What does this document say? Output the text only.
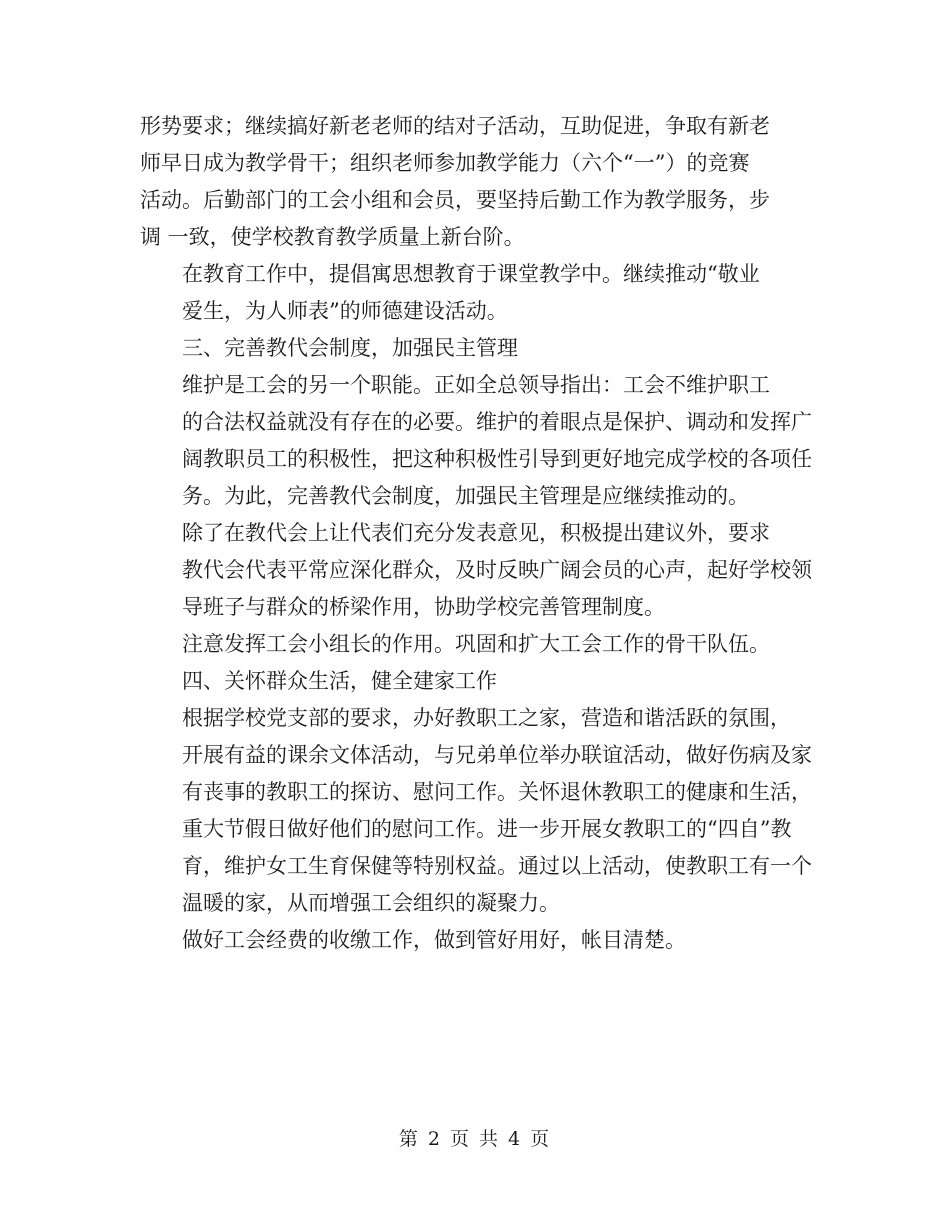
形势要求；继续搞好新老老师的结对子活动，互助促进，争取有新老
师早日成为教学骨干；组织老师参加教学能力（六个“一”）的竞赛
活动。后勤部门的工会小组和会员，要坚持后勤工作为教学服务，步
调 一致，使学校教育教学质量上新台阶。

在教育工作中，提倡寓思想教育于课堂教学中。继续推动“敬业
爱生，为人师表”的师德建设活动。

三、完善教代会制度，加强民主管理

维护是工会的另一个职能。正如全总领导指出：工会不维护职工
的合法权益就没有存在的必要。维护的着眼点是保护、调动和发挥广
阔教职员工的积极性，把这种积极性引导到更好地完成学校的各项任
务。为此，完善教代会制度，加强民主管理是应继续推动的。

除了在教代会上让代表们充分发表意见，积极提出建议外，要求
教代会代表平常应深化群众，及时反映广阔会员的心声，起好学校领
导班子与群众的桥梁作用，协助学校完善管理制度。

注意发挥工会小组长的作用。巩固和扩大工会工作的骨干队伍。

四、关怀群众生活，健全建家工作

根据学校党支部的要求，办好教职工之家，营造和谐活跃的氛围，
开展有益的课余文体活动，与兄弟单位举办联谊活动，做好伤病及家
有丧事的教职工的探访、慰问工作。关怀退休教职工的健康和生活，
重大节假日做好他们的慰问工作。进一步开展女教职工的“四自”教
育，维护女工生育保健等特别权益。通过以上活动，使教职工有一个
温暖的家，从而增强工会组织的凝聚力。

做好工会经费的收缴工作，做到管好用好，帐目清楚。

第 2 页 共 4 页
